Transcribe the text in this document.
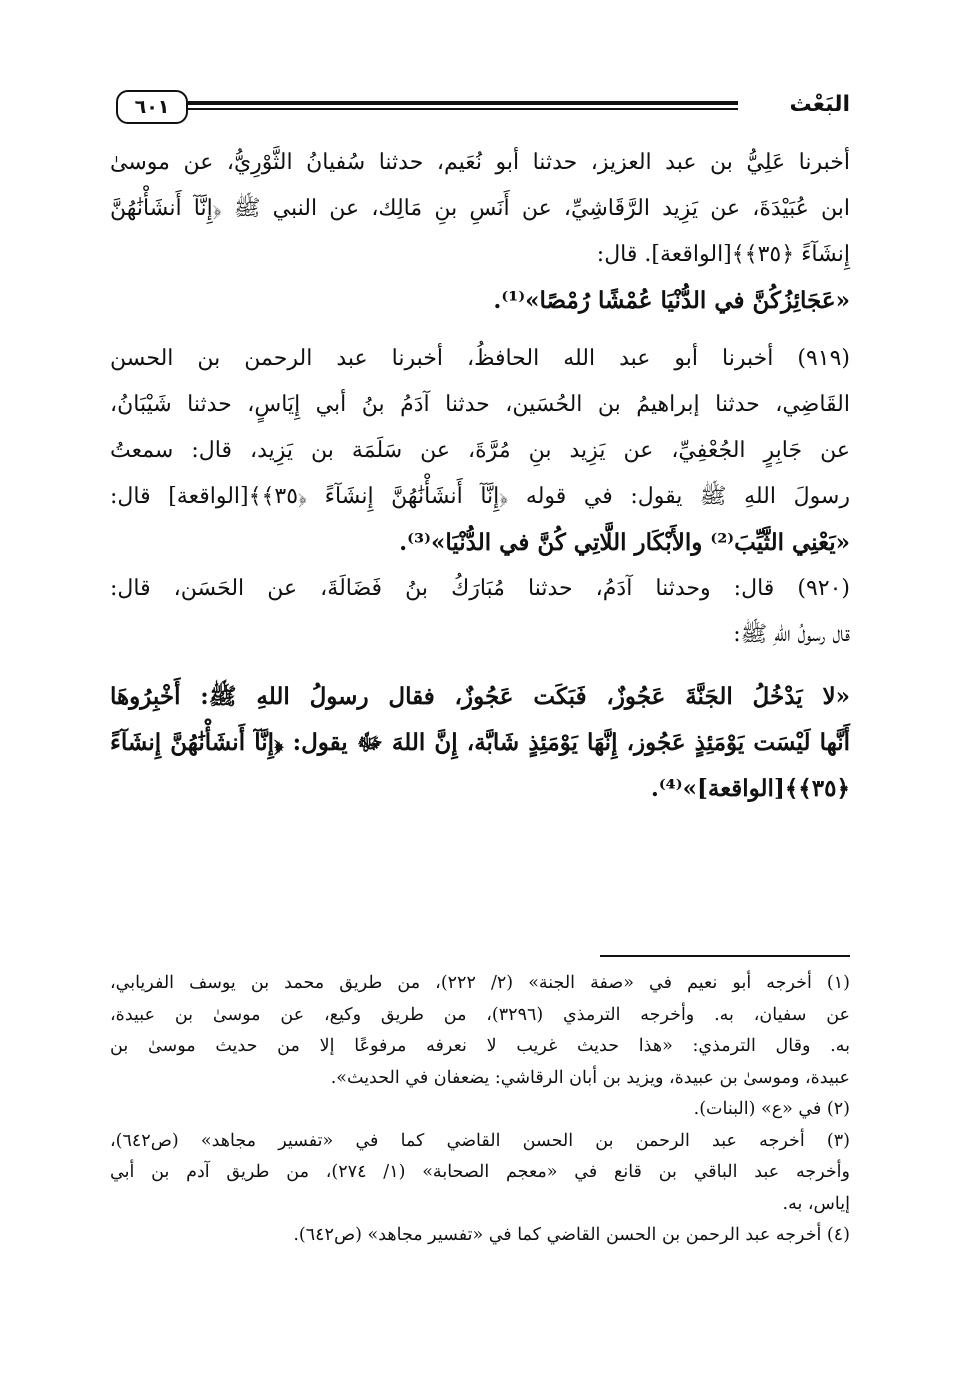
٦٠١	البَعْث
أخبرنا عَلِيُّ بن عبد العزيز، حدثنا أبو نُعَيم، حدثنا سُفيانُ الثَّوْرِيُّ، عن موسىٰ
ابن عُبَيْدَةَ، عن يَزِيد الرَّقَاشِيِّ، عن أَنَسِ بنِ مَالِك، عن النبي ﷺ ﴿إِنَّآ أَنشَأْنَٰهُنَّ
إِنشَآءً ﴿٣٥﴾﴾[الواقعة]. قال:
«عَجَائِزُكُنَّ في الدُّنْيَا عُمْشًا رُمْصًا»⁽¹⁾.
(٩١٩) أخبرنا أبو عبد الله الحافظُ، أخبرنا عبد الرحمن بن الحسن
القَاضِي، حدثنا إبراهيمُ بن الحُسَين، حدثنا آدَمُ بنُ أبي إِيَاسٍ، حدثنا شَيْبَانُ،
عن جَابِرٍ الجُعْفِيِّ، عن يَزِيد بنِ مُرَّةَ، عن سَلَمَة بن يَزِيد، قال: سمعتُ
رسولَ اللهِ ﷺ يقول: في قوله ﴿إِنَّآ أَنشَأْنَٰهُنَّ إِنشَآءً ﴿٣٥﴾﴾[الواقعة] قال:
«يَعْنِي الثَّيِّبَ⁽²⁾ والأَبْكَار اللَّاتِي كُنَّ في الدُّنْيَا»⁽³⁾.
(٩٢٠) قال: وحدثنا آدَمُ، حدثنا مُبَارَكُ بنُ فَضَالَةَ، عن الحَسَن، قال:
قال رسولُ اللهِ ﷺ:
«لا يَدْخُلُ الجَنَّةَ عَجُوزٌ، فَبَكَت عَجُوزٌ، فقال رسولُ اللهِ ﷺ: أَخْبِرُوهَا
أَنَّها لَيْسَت يَوْمَئِذٍ عَجُوز، إِنَّهَا يَوْمَئِذٍ شَابَّة، إِنَّ اللهَ ﷻ يقول: ﴿إِنَّآ أَنشَأْنَٰهُنَّ إِنشَآءً
﴿٣٥﴾﴾[الواقعة]»⁽⁴⁾.
(١) أخرجه أبو نعيم في «صفة الجنة» (٢/ ٢٢٢)، من طريق محمد بن يوسف الفريابي،
عن سفيان، به. وأخرجه الترمذي (٣٢٩٦)، من طريق وكيع، عن موسىٰ بن عبيدة،
به. وقال الترمذي: «هذا حديث غريب لا نعرفه مرفوعًا إلا من حديث موسىٰ بن
عبيدة، وموسىٰ بن عبيدة، ويزيد بن أبان الرقاشي: يضعفان في الحديث».
(٢) في «ع» (البنات).
(٣) أخرجه عبد الرحمن بن الحسن القاضي كما في «تفسير مجاهد» (ص٦٤٢)،
وأخرجه عبد الباقي بن قانع في «معجم الصحابة» (١/ ٢٧٤)، من طريق آدم بن أبي
إياس، به.
(٤) أخرجه عبد الرحمن بن الحسن القاضي كما في «تفسير مجاهد» (ص٦٤٢).
